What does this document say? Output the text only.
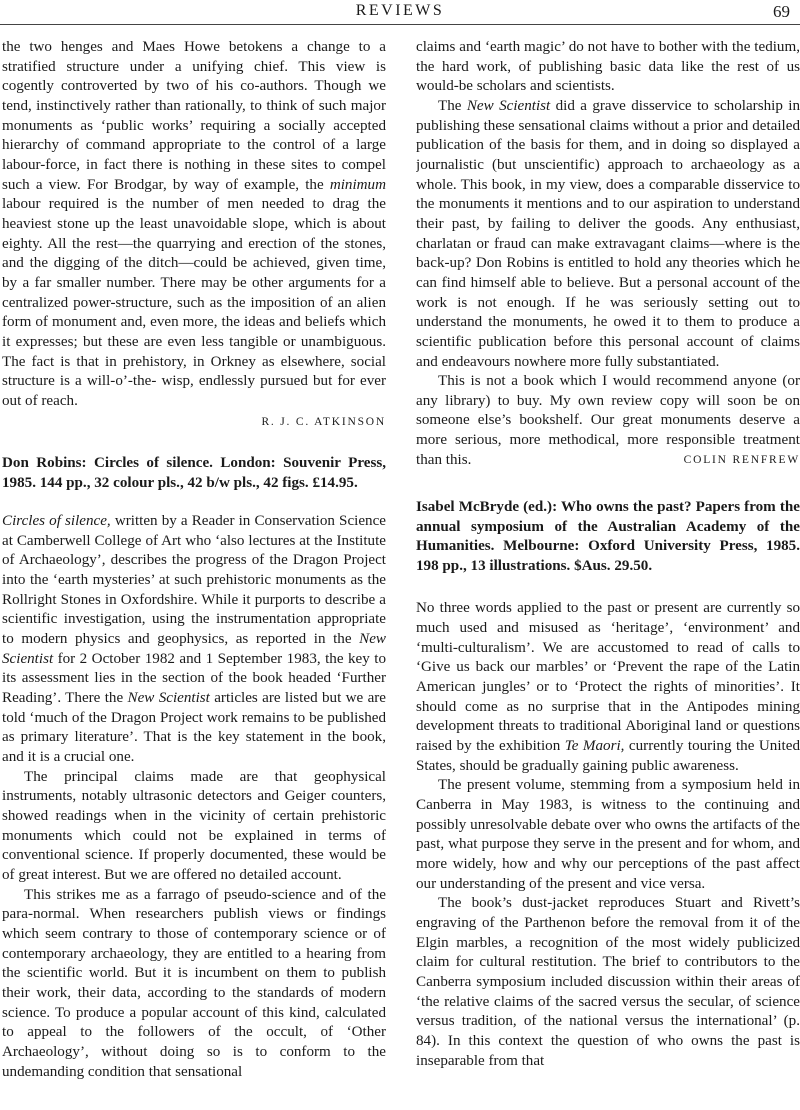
REVIEWS	69

the two henges and Maes Howe betokens a change to a stratified structure under a unifying chief. This view is cogently controverted by two of his co-authors. Though we tend, instinctively rather than rationally, to think of such major monuments as ‘public works’ requiring a socially accepted hierarchy of command appropriate to the control of a large labour-force, in fact there is nothing in these sites to compel such a view. For Brodgar, by way of example, the minimum labour required is the number of men needed to drag the heaviest stone up the least unavoidable slope, which is about eighty. All the rest—the quarrying and erection of the stones, and the digging of the ditch—could be achieved, given time, by a far smaller number. There may be other arguments for a centralized power-structure, such as the imposition of an alien form of monument and, even more, the ideas and beliefs which it expresses; but these are even less tangible or unambiguous. The fact is that in prehistory, in Orkney as elsewhere, social structure is a will-o’-the- wisp, endlessly pursued but for ever out of reach.

R. J. C. ATKINSON
Don Robins: Circles of silence. London: Souvenir Press, 1985. 144 pp., 32 colour pls., 42 b/w pls., 42 figs. £14.95.

Circles of silence, written by a Reader in Conservation Science at Camberwell College of Art who ‘also lectures at the Institute of Archaeology’, describes the progress of the Dragon Project into the ‘earth mysteries’ at such prehistoric monuments as the Rollright Stones in Oxfordshire. While it purports to describe a scientific investigation, using the instrumentation appropriate to modern physics and geophysics, as reported in the New Scientist for 2 October 1982 and 1 September 1983, the key to its assessment lies in the section of the book headed ‘Further Reading’. There the New Scientist articles are listed but we are told ‘much of the Dragon Project work remains to be published as primary literature’. That is the key statement in the book, and it is a crucial one.

The principal claims made are that geophysical instruments, notably ultrasonic detectors and Geiger counters, showed readings when in the vicinity of certain prehistoric monuments which could not be explained in terms of conventional science. If properly documented, these would be of great interest. But we are offered no detailed account.

This strikes me as a farrago of pseudo-science and of the para-normal. When researchers publish views or findings which seem contrary to those of contemporary science or of contemporary archaeology, they are entitled to a hearing from the scientific world. But it is incumbent on them to publish their work, their data, according to the standards of modern science. To produce a popular account of this kind, calculated to appeal to the followers of the occult, of ‘Other Archaeology’, without doing so is to conform to the undemanding condition that sensational

claims and ‘earth magic’ do not have to bother with the tedium, the hard work, of publishing basic data like the rest of us would-be scholars and scientists.

The New Scientist did a grave disservice to scholarship in publishing these sensational claims without a prior and detailed publication of the basis for them, and in doing so displayed a journalistic (but unscientific) approach to archaeology as a whole. This book, in my view, does a comparable disservice to the monuments it mentions and to our aspiration to understand their past, by failing to deliver the goods. Any enthusiast, charlatan or fraud can make extravagant claims—where is the back-up? Don Robins is entitled to hold any theories which he can find himself able to believe. But a personal account of the work is not enough. If he was seriously setting out to understand the monuments, he owed it to them to produce a scientific publication before this personal account of claims and endeavours nowhere more fully substantiated.

This is not a book which I would recommend anyone (or any library) to buy. My own review copy will soon be on someone else’s bookshelf. Our great monuments deserve a more serious, more methodical, more responsible treatment than this.	COLIN RENFREW

Isabel McBryde (ed.): Who owns the past? Papers from the annual symposium of the Australian Academy of the Humanities. Melbourne: Oxford University Press, 1985. 198 pp., 13 illustrations. $Aus. 29.50.

No three words applied to the past or present are currently so much used and misused as ‘heritage’, ‘environment’ and ‘multi-culturalism’. We are accustomed to read of calls to ‘Give us back our marbles’ or ‘Prevent the rape of the Latin American jungles’ or to ‘Protect the rights of minorities’. It should come as no surprise that in the Antipodes mining development threats to traditional Aboriginal land or questions raised by the exhibition Te Maori, currently touring the United States, should be gradually gaining public awareness.

The present volume, stemming from a symposium held in Canberra in May 1983, is witness to the continuing and possibly unresolvable debate over who owns the artifacts of the past, what purpose they serve in the present and for whom, and more widely, how and why our perceptions of the past affect our understanding of the present and vice versa.

The book’s dust-jacket reproduces Stuart and Rivett’s engraving of the Parthenon before the removal from it of the Elgin marbles, a recognition of the most widely publicized claim for cultural restitution. The brief to contributors to the Canberra symposium included discussion within their areas of ‘the relative claims of the sacred versus the secular, of science versus tradition, of the national versus the international’ (p. 84). In this context the question of who owns the past is inseparable from that
